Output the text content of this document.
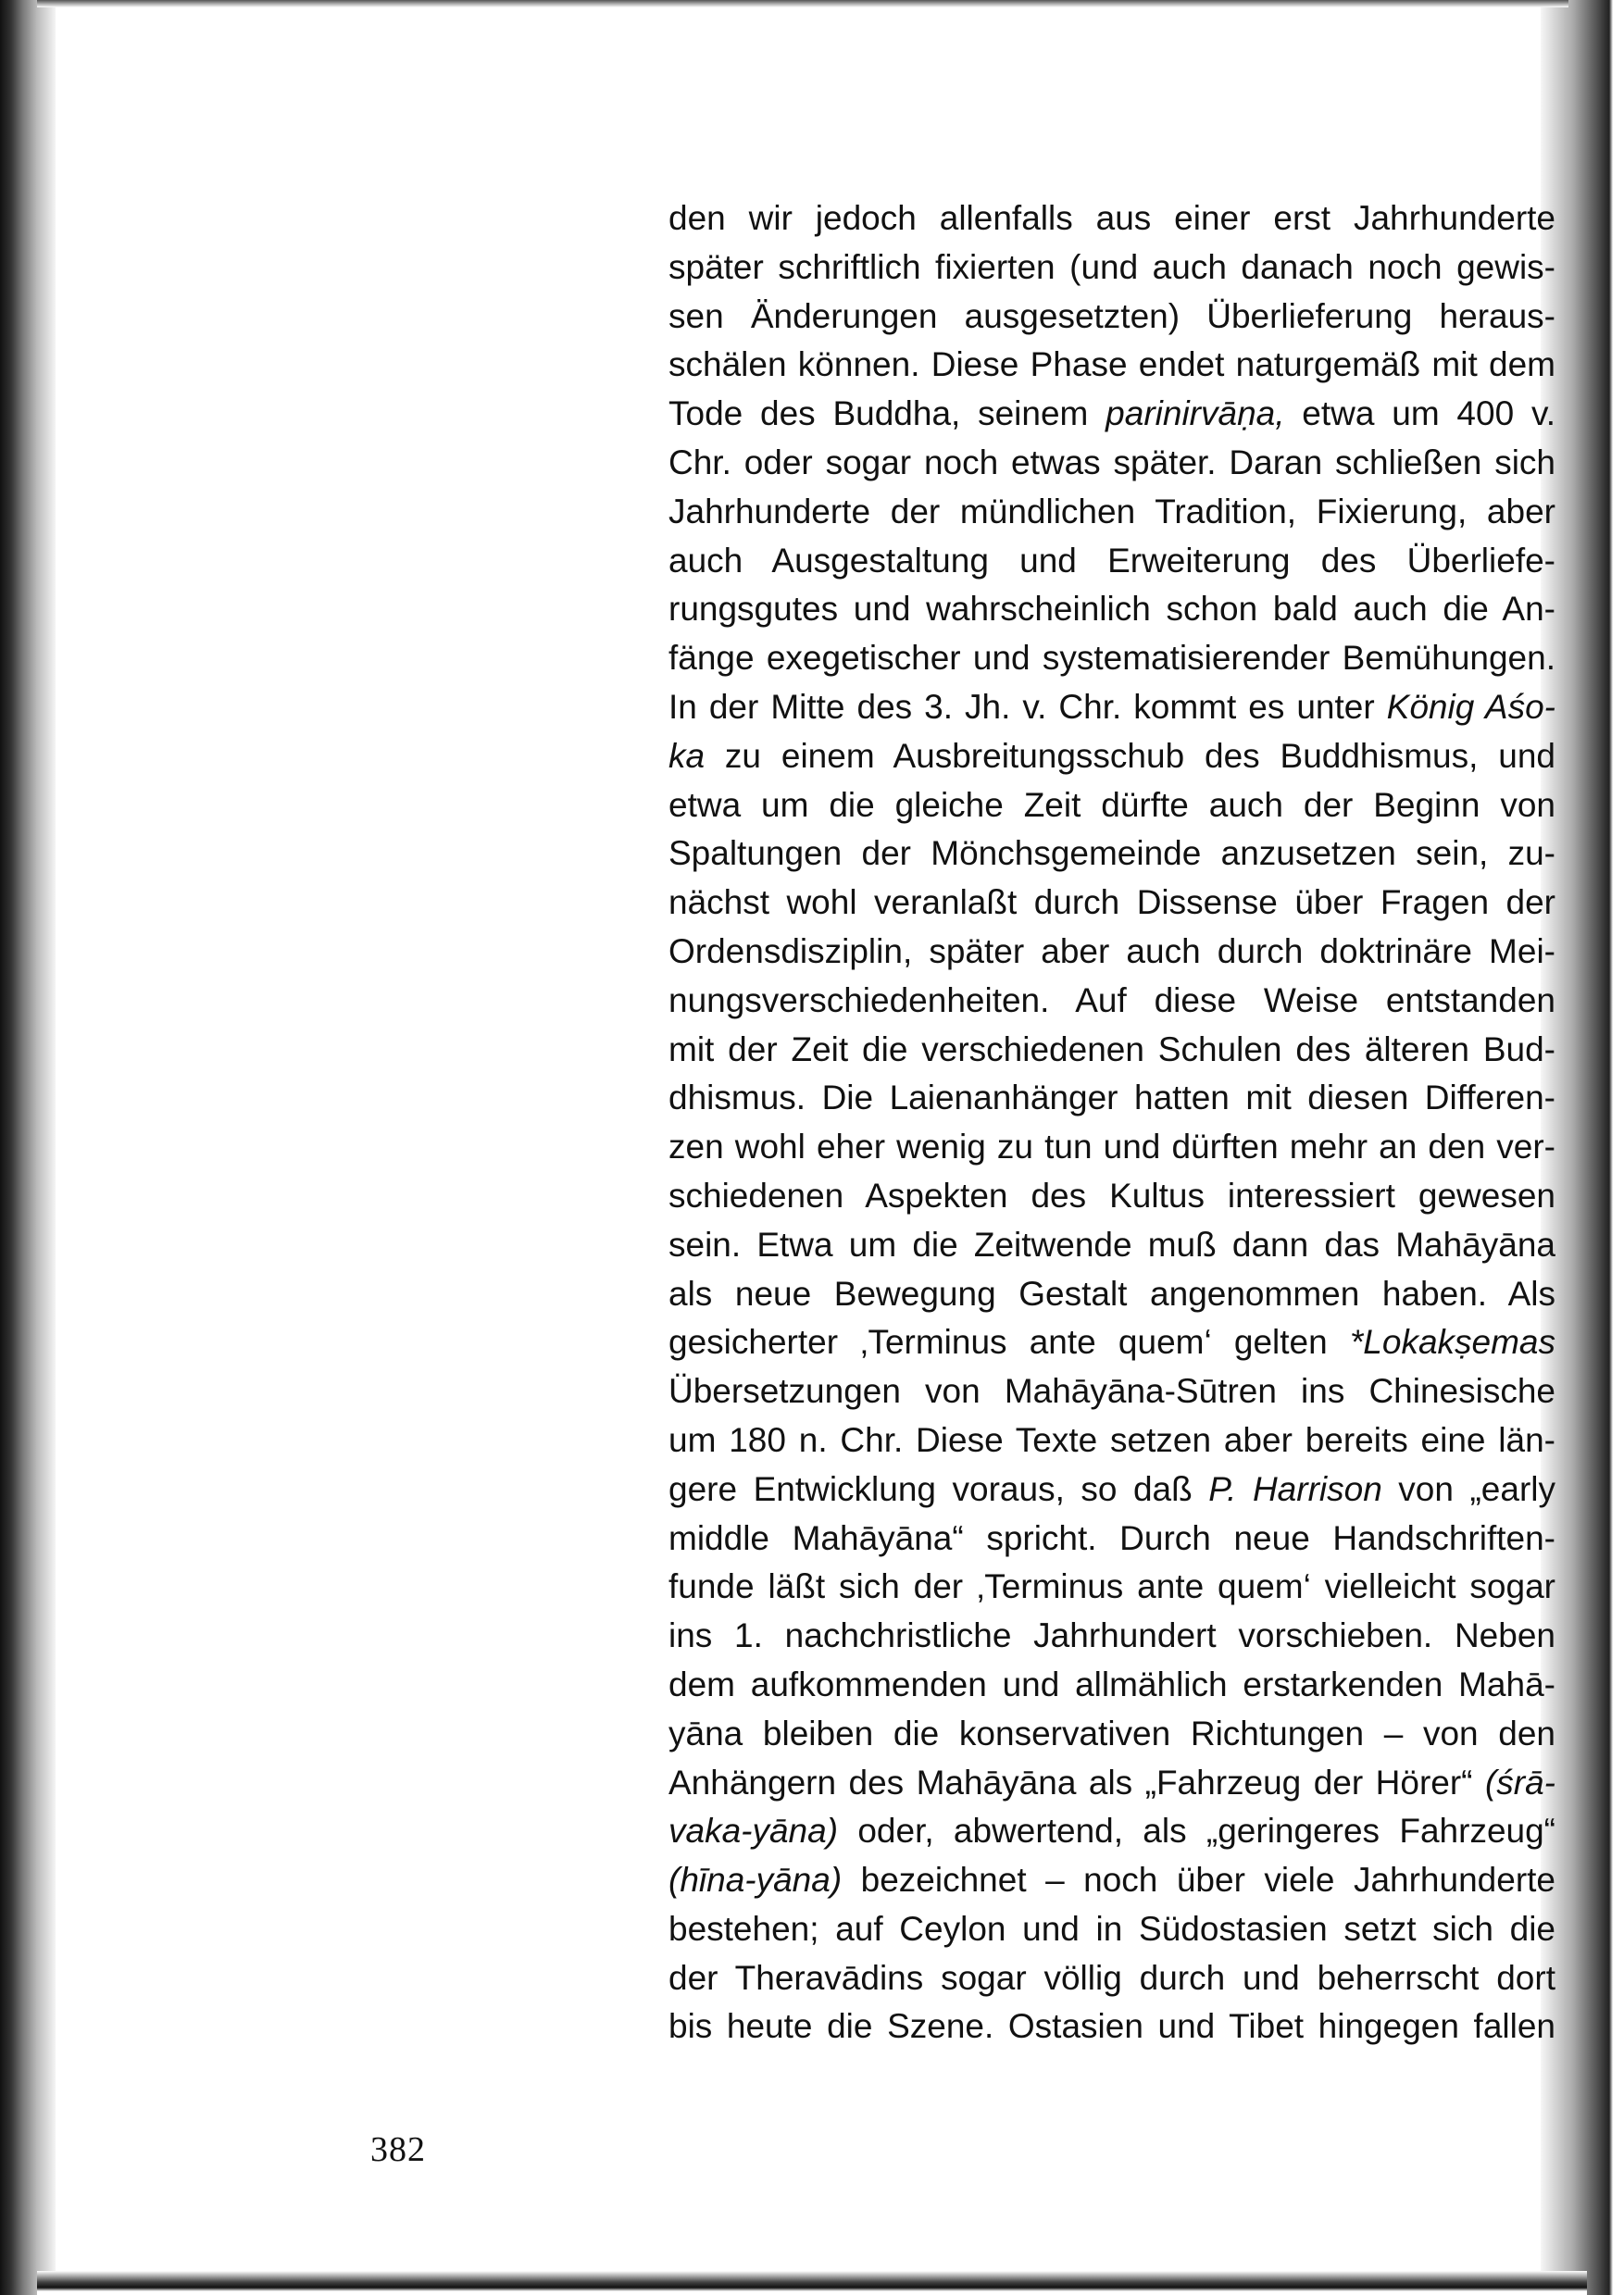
den wir jedoch allenfalls aus einer erst Jahrhunderte
später schriftlich fixierten (und auch danach noch gewis-
sen Änderungen ausgesetzten) Überlieferung heraus-
schälen können. Diese Phase endet naturgemäß mit dem
Tode des Buddha, seinem parinirvāṇa, etwa um 400 v.
Chr. oder sogar noch etwas später. Daran schließen sich
Jahrhunderte der mündlichen Tradition, Fixierung, aber
auch Ausgestaltung und Erweiterung des Überliefe-
rungsgutes und wahrscheinlich schon bald auch die An-
fänge exegetischer und systematisierender Bemühungen.
In der Mitte des 3. Jh. v. Chr. kommt es unter König Aśo-
ka zu einem Ausbreitungsschub des Buddhismus, und
etwa um die gleiche Zeit dürfte auch der Beginn von
Spaltungen der Mönchsgemeinde anzusetzen sein, zu-
nächst wohl veranlaßt durch Dissense über Fragen der
Ordensdisziplin, später aber auch durch doktrinäre Mei-
nungsverschiedenheiten. Auf diese Weise entstanden
mit der Zeit die verschiedenen Schulen des älteren Bud-
dhismus. Die Laienanhänger hatten mit diesen Differen-
zen wohl eher wenig zu tun und dürften mehr an den ver-
schiedenen Aspekten des Kultus interessiert gewesen
sein. Etwa um die Zeitwende muß dann das Mahāyāna
als neue Bewegung Gestalt angenommen haben. Als
gesicherter ‚Terminus ante quem‘ gelten *Lokakṣemas
Übersetzungen von Mahāyāna-Sūtren ins Chinesische
um 180 n. Chr. Diese Texte setzen aber bereits eine län-
gere Entwicklung voraus, so daß P. Harrison von „early
middle Mahāyāna“ spricht. Durch neue Handschriften-
funde läßt sich der ‚Terminus ante quem‘ vielleicht sogar
ins 1. nachchristliche Jahrhundert vorschieben. Neben
dem aufkommenden und allmählich erstarkenden Mahā-
yāna bleiben die konservativen Richtungen – von den
Anhängern des Mahāyāna als „Fahrzeug der Hörer“ (śrā-
vaka-yāna) oder, abwertend, als „geringeres Fahrzeug“
(hīna-yāna) bezeichnet – noch über viele Jahrhunderte
bestehen; auf Ceylon und in Südostasien setzt sich die
der Theravādins sogar völlig durch und beherrscht dort
bis heute die Szene. Ostasien und Tibet hingegen fallen
382
